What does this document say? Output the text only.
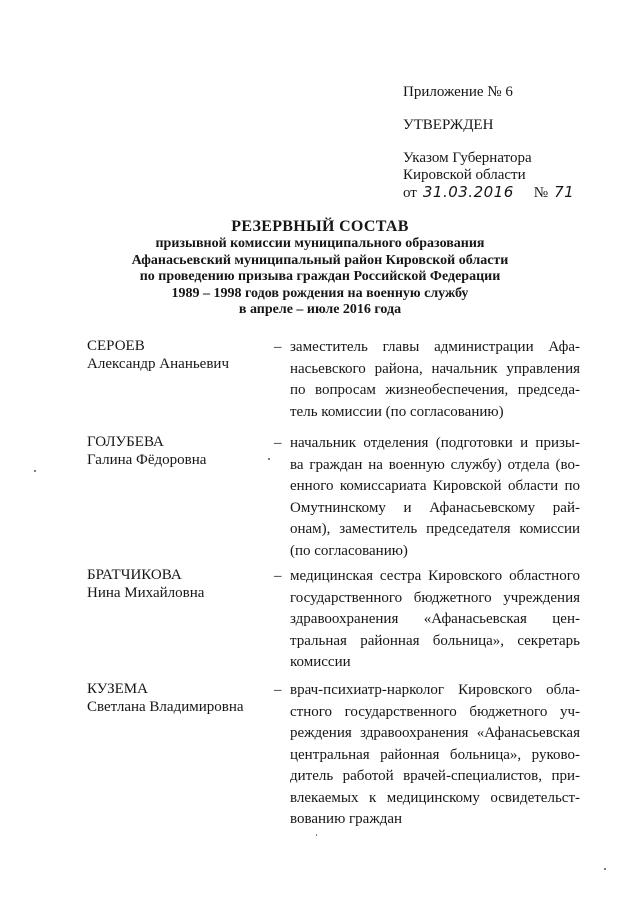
Приложение № 6
УТВЕРЖДЕН
Указом Губернатора
Кировской области
от 31.03.2016 № 71
РЕЗЕРВНЫЙ СОСТАВ
призывной комиссии муниципального образования
Афанасьевский муниципальный район Кировской области
по проведению призыва граждан Российской Федерации
1989 – 1998 годов рождения на военную службу
в апреле – июле 2016 года
СЕРОЕВ
Александр Ананьевич
– заместитель главы администрации Афа-
насьевского района, начальник управления
по вопросам жизнеобеспечения, председа-
тель комиссии (по согласованию)
ГОЛУБЕВА
Галина Фёдоровна
– начальник отделения (подготовки и призы-
ва граждан на военную службу) отдела (во-
енного комиссариата Кировской области по
Омутнинскому и Афанасьевскому рай-
онам), заместитель председателя комиссии
(по согласованию)
БРАТЧИКОВА
Нина Михайловна
– медицинская сестра Кировского областного
государственного бюджетного учреждения
здравоохранения «Афанасьевская цен-
тральная районная больница», секретарь
комиссии
КУЗЕМА
Светлана Владимировна
– врач-психиатр-нарколог Кировского обла-
стного государственного бюджетного уч-
реждения здравоохранения «Афанасьевская
центральная районная больница», руково-
дитель работой врачей-специалистов, при-
влекаемых к медицинскому освидетельст-
вованию граждан
